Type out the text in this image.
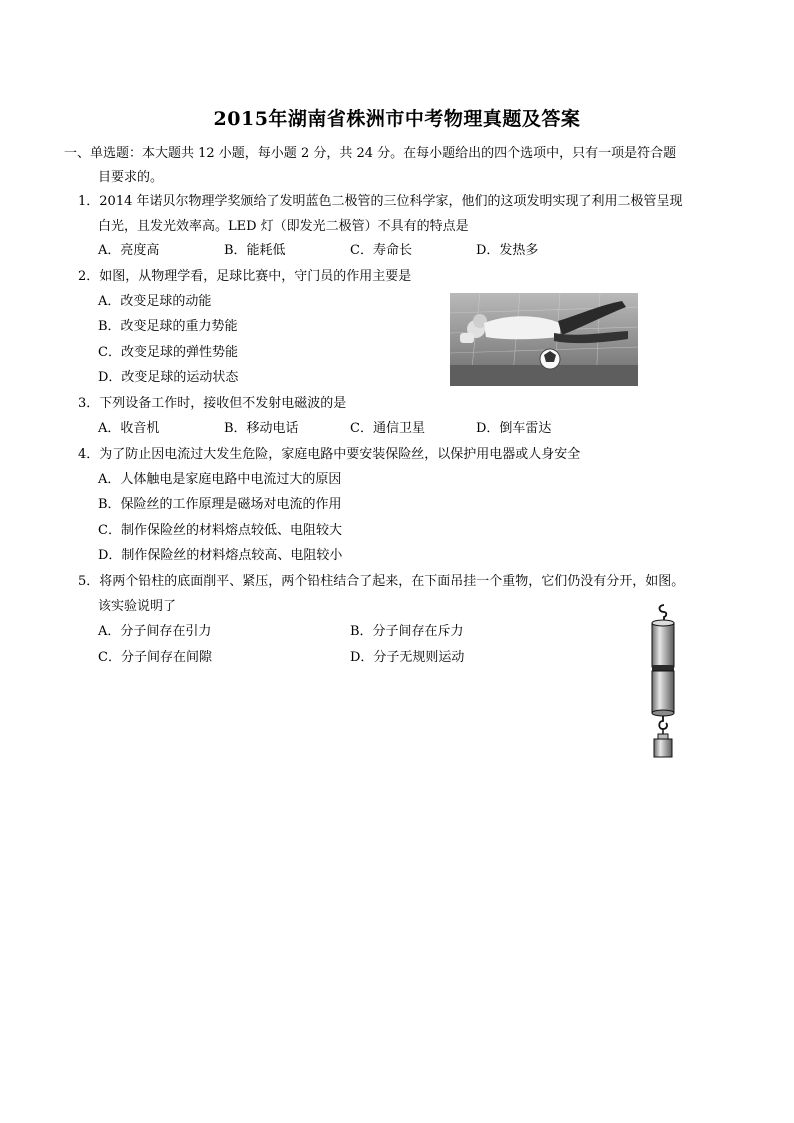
2015年湖南省株洲市中考物理真题及答案
一、单选题：本大题共 12 小题，每小题 2 分，共 24 分。在每小题给出的四个选项中，只有一项是符合题
目要求的。
1．2014 年诺贝尔物理学奖颁给了发明蓝色二极管的三位科学家，他们的这项发明实现了利用二极管呈现
白光，且发光效率高。LED 灯（即发光二极管）不具有的特点是
A．亮度高	B．能耗低	C．寿命长	D．发热多
2．如图，从物理学看，足球比赛中，守门员的作用主要是
A．改变足球的动能
B．改变足球的重力势能
C．改变足球的弹性势能
D．改变足球的运动状态
3．下列设备工作时，接收但不发射电磁波的是
A．收音机	B．移动电话	C．通信卫星	D．倒车雷达
4．为了防止因电流过大发生危险，家庭电路中要安装保险丝，以保护用电器或人身安全
A．人体触电是家庭电路中电流过大的原因
B．保险丝的工作原理是磁场对电流的作用
C．制作保险丝的材料熔点较低、电阻较大
D．制作保险丝的材料熔点较高、电阻较小
5．将两个铅柱的底面削平、紧压，两个铅柱结合了起来，在下面吊挂一个重物，它们仍没有分开，如图。
该实验说明了
A．分子间存在引力	B．分子间存在斥力
C．分子间存在间隙	D．分子无规则运动
